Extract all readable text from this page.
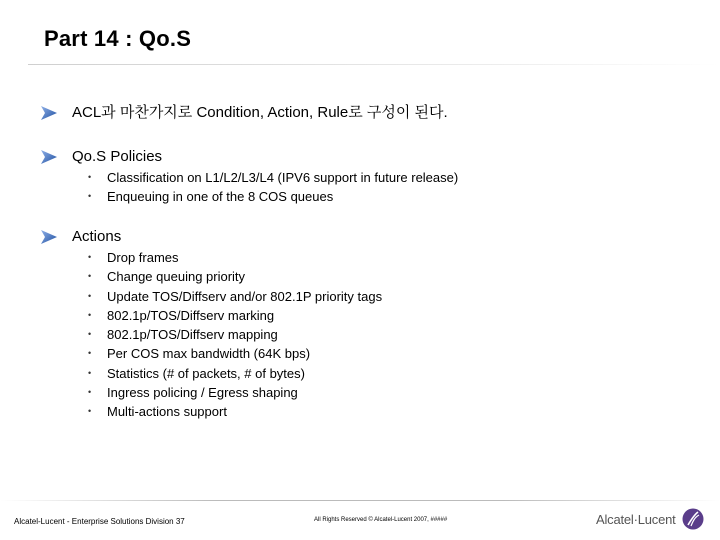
Part 14 : Qo.S
ACL과 마찬가지로 Condition, Action, Rule로 구성이 된다.
Qo.S Policies
• Classification on L1/L2/L3/L4 (IPV6 support in future release)
• Enqueuing in one of the 8 COS queues
Actions
• Drop frames
• Change queuing priority
• Update TOS/Diffserv and/or 802.1P priority tags
• 802.1p/TOS/Diffserv marking
• 802.1p/TOS/Diffserv mapping
• Per COS max bandwidth (64K bps)
• Statistics (# of packets, # of bytes)
• Ingress policing / Egress shaping
• Multi-actions support
Alcatel-Lucent - Enterprise Solutions Division 37	All Rights Reserved © Alcatel-Lucent 2007, #####	Alcatel·Lucent
